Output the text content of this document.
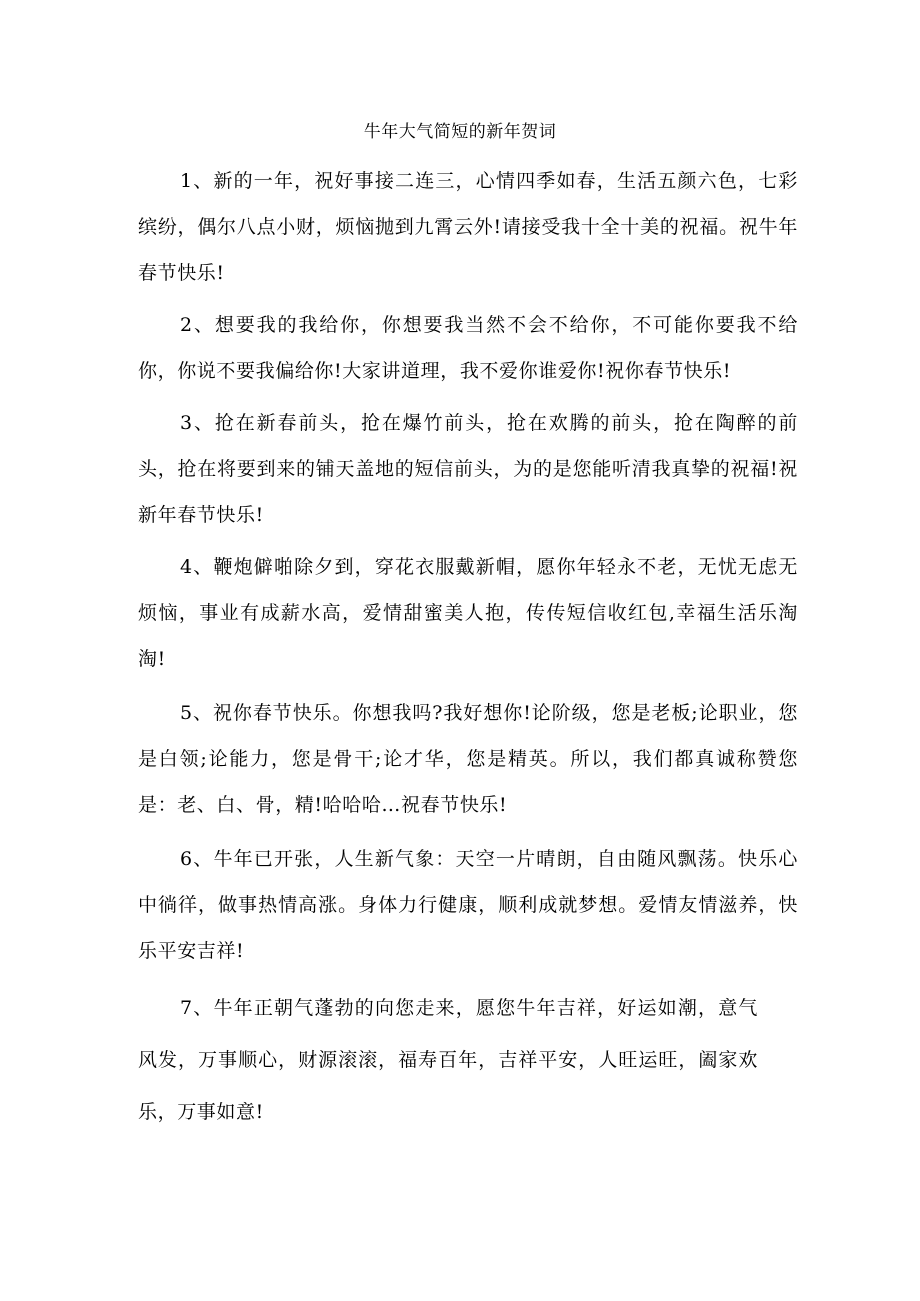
牛年大气简短的新年贺词

1、新的一年，祝好事接二连三，心情四季如春，生活五颜六色，七彩缤纷，偶尔八点小财，烦恼抛到九霄云外!请接受我十全十美的祝福。祝牛年春节快乐!

2、想要我的我给你，你想要我当然不会不给你，不可能你要我不给你，你说不要我偏给你!大家讲道理，我不爱你谁爱你!祝你春节快乐!

3、抢在新春前头，抢在爆竹前头，抢在欢腾的前头，抢在陶醉的前头，抢在将要到来的铺天盖地的短信前头，为的是您能听清我真挚的祝福!祝新年春节快乐!

4、鞭炮僻啪除夕到，穿花衣服戴新帽，愿你年轻永不老，无忧无虑无烦恼，事业有成薪水高，爱情甜蜜美人抱，传传短信收红包,幸福生活乐淘淘!

5、祝你春节快乐。你想我吗?我好想你!论阶级，您是老板;论职业，您是白领;论能力，您是骨干;论才华，您是精英。所以，我们都真诚称赞您是：老、白、骨，精!哈哈哈…祝春节快乐!

6、牛年已开张，人生新气象：天空一片晴朗，自由随风飘荡。快乐心中徜徉，做事热情高涨。身体力行健康，顺利成就梦想。爱情友情滋养，快乐平安吉祥!

7、牛年正朝气蓬勃的向您走来，愿您牛年吉祥，好运如潮，意气风发，万事顺心，财源滚滚，福寿百年，吉祥平安，人旺运旺，阖家欢乐，万事如意!
